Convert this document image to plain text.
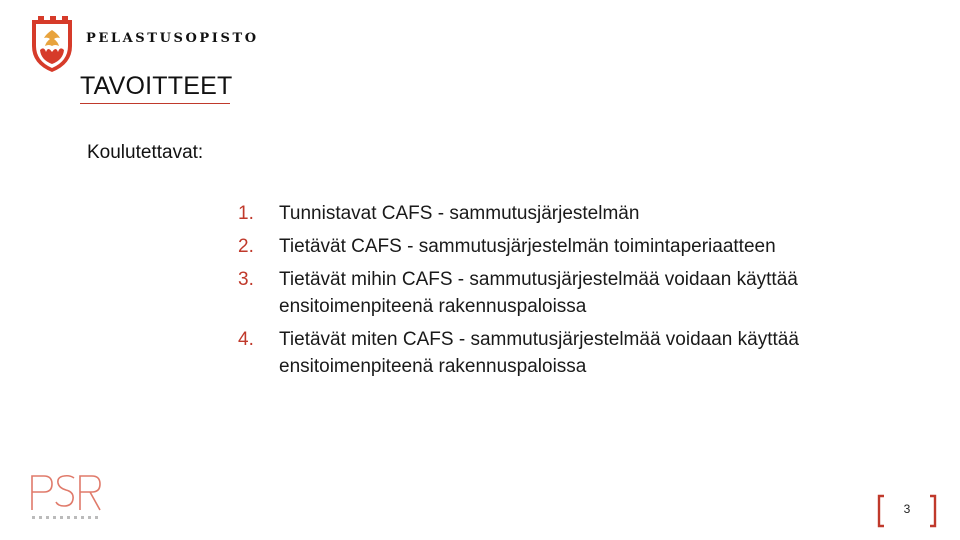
PELASTUSOPISTO
TAVOITTEET
Koulutettavat:
1. Tunnistavat CAFS - sammutusjärjestelmän
2. Tietävät CAFS - sammutusjärjestelmän toimintaperiaatteen
3. Tietävät mihin CAFS - sammutusjärjestelmää voidaan käyttää ensitoimenpiteenä rakennuspaloissa
4. Tietävät miten CAFS - sammutusjärjestelmää voidaan käyttää ensitoimenpiteenä rakennuspaloissa
3
